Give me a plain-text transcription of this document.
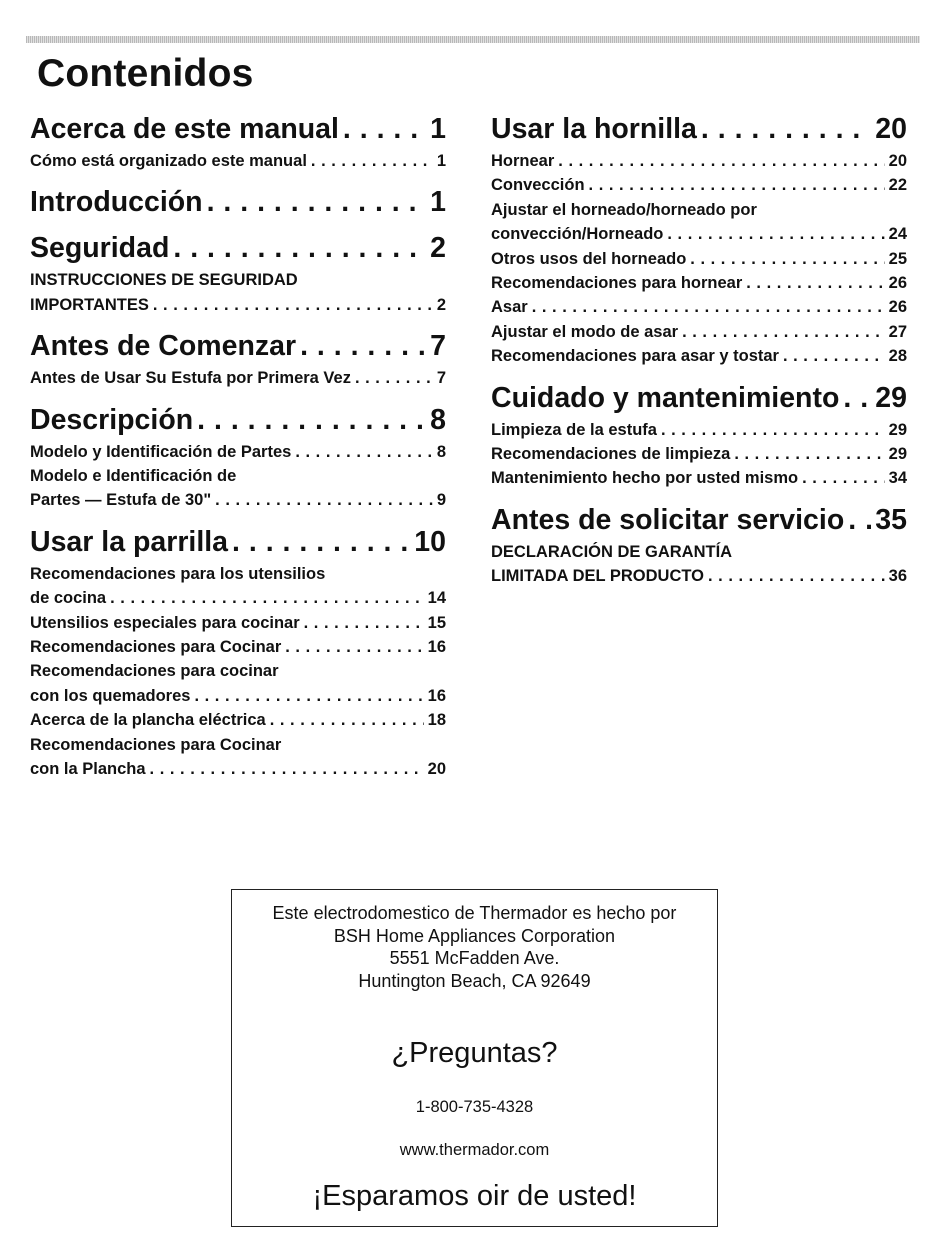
Contenidos
Acerca de este manual . . .	1
Cómo está organizado este manual . . .	1
Introducción . . .	1
Seguridad . . .	2
INSTRUCCIONES DE SEGURIDAD
IMPORTANTES . . .	2
Antes de Comenzar . . .	7
Antes de Usar Su Estufa por Primera Vez . . .	7
Descripción . . .	8
Modelo y Identificación de Partes . . .	8
Modelo e Identificación de
Partes — Estufa de 30" . . .	9
Usar la parrilla . . .	10
Recomendaciones para los utensilios
de cocina . . .	14
Utensilios especiales para cocinar . . .	15
Recomendaciones para Cocinar . . .	16
Recomendaciones para cocinar
con los quemadores . . .	16
Acerca de la plancha eléctrica . . .	18
Recomendaciones para Cocinar
con la Plancha . . .	20
Usar la hornilla . . .	20
Hornear . . .	20
Convección . . .	22
Ajustar el horneado/horneado por
convección/Horneado . . .	24
Otros usos del horneado . . .	25
Recomendaciones para hornear . . .	26
Asar . . .	26
Ajustar el modo de asar . . .	27
Recomendaciones para asar y tostar . . .	28
Cuidado y mantenimiento . . . 29
Limpieza de la estufa . . .	29
Recomendaciones de limpieza . . .	29
Mantenimiento hecho por usted mismo . . .	34
Antes de solicitar servicio . . . 35
DECLARACIÓN DE GARANTÍA
LIMITADA DEL PRODUCTO . . .	36
Este electrodomestico de Thermador es hecho por
BSH Home Appliances Corporation
5551 McFadden Ave.
Huntington Beach, CA 92649
¿Preguntas?
1-800-735-4328
www.thermador.com
¡Esparamos oir de usted!
